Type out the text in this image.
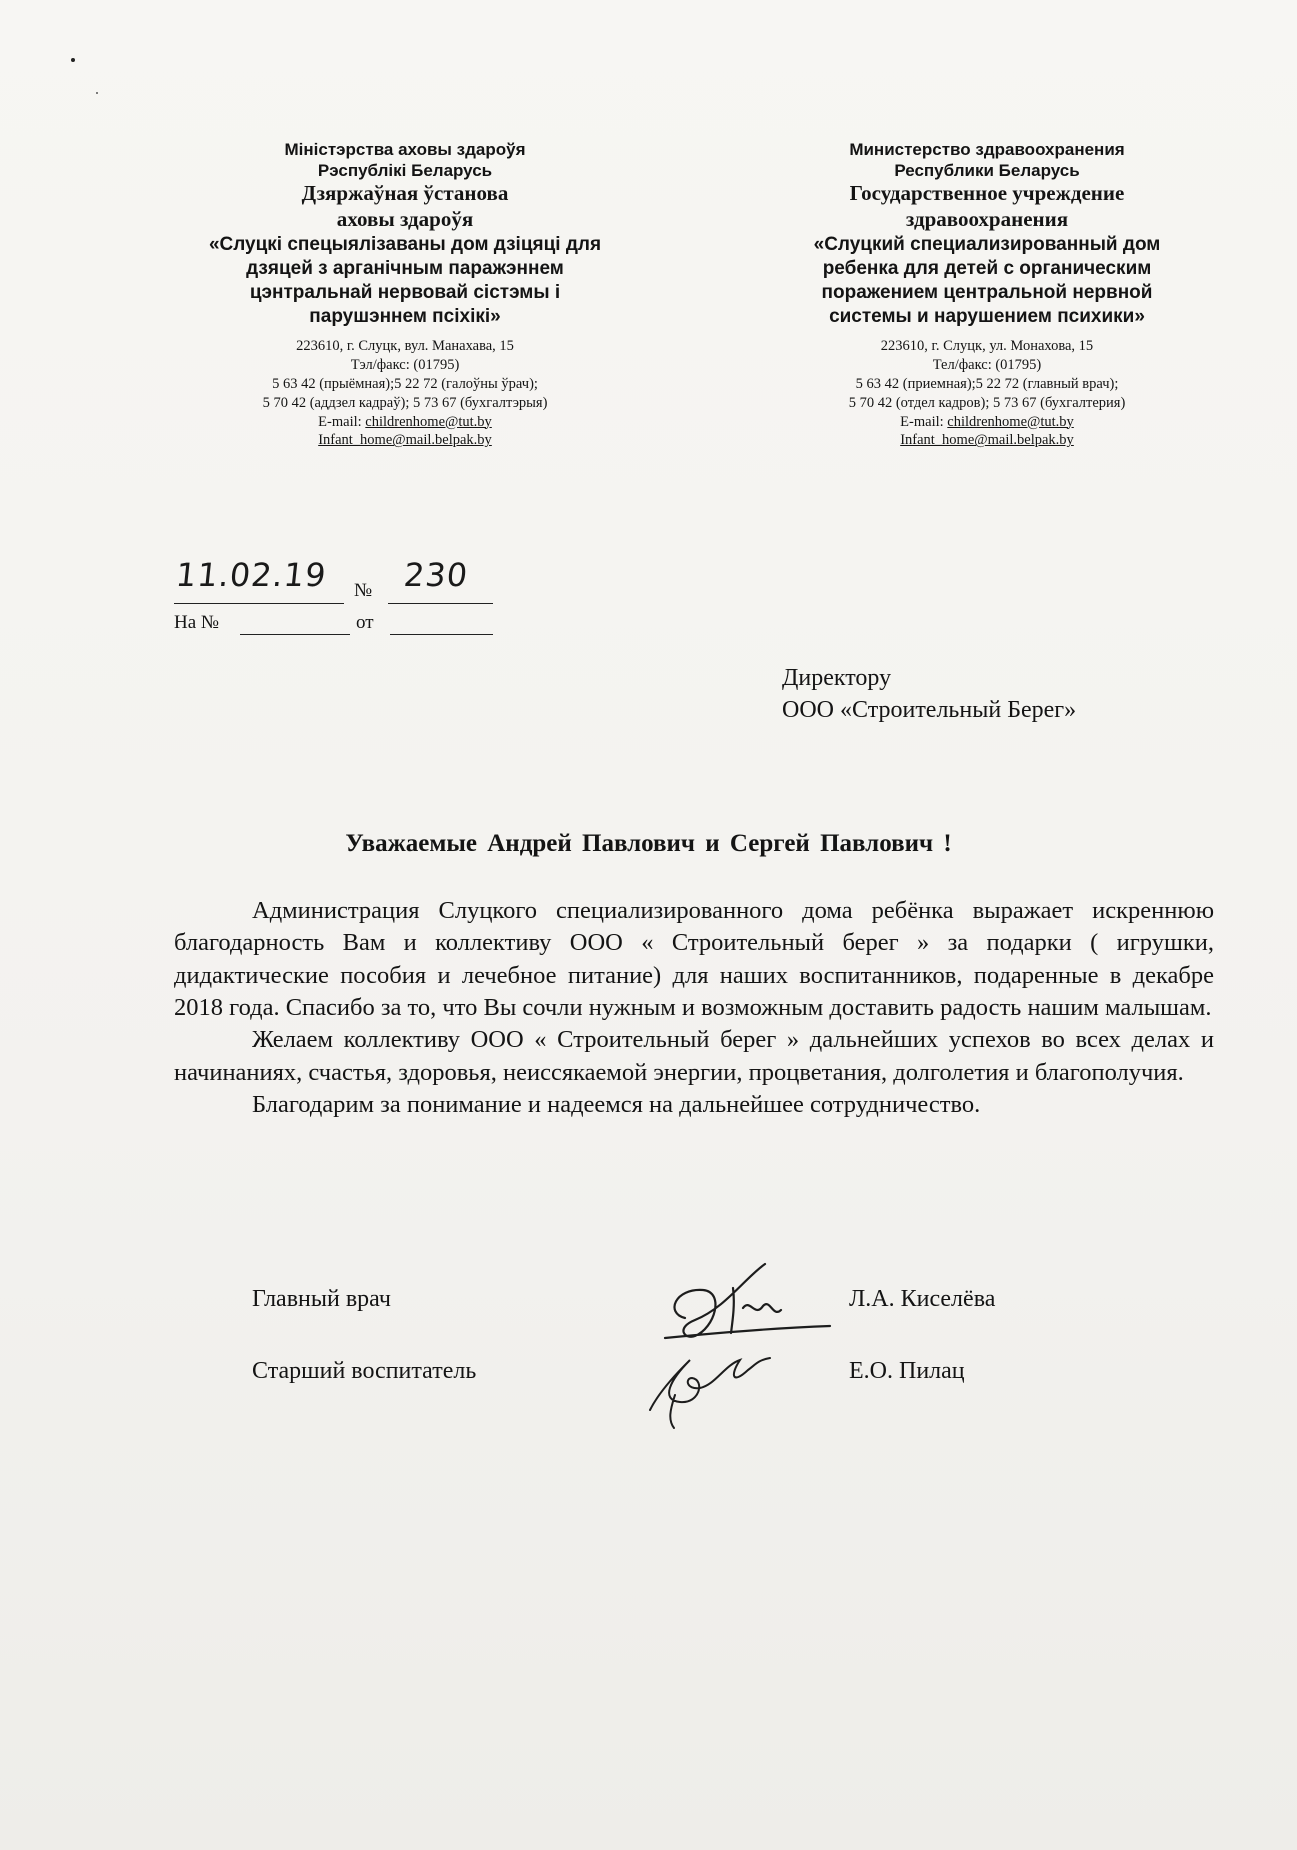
Міністэрства аховы здароўя
Рэспублікі Беларусь
Дзяржаўная ўстанова
аховы здароўя
«Слуцкі спецыялізаваны дом дзіцяці для
дзяцей з арганічным паражэннем
цэнтральнай нервовай сістэмы і
парушэннем псіхікі»
223610, г. Слуцк, вул. Манахава, 15
Тэл/факс: (01795)
5 63 42 (прыёмная);5 22 72 (галоўны ўрач);
5 70 42 (аддзел кадраў); 5 73 67 (бухгалтэрыя)
E-mail: childrenhome@tut.by
Infant_home@mail.belpak.by
Министерство здравоохранения
Республики Беларусь
Государственное учреждение
здравоохранения
«Слуцкий специализированный дом
ребенка для детей с органическим
поражением центральной нервной
системы и нарушением психики»
223610, г. Слуцк, ул. Монахова, 15
Тел/факс: (01795)
5 63 42 (приемная);5 22 72 (главный врач);
5 70 42 (отдел кадров); 5 73 67 (бухгалтерия)
E-mail: childrenhome@tut.by
Infant_home@mail.belpak.by
11.02.19 № 230
На №	от
Директору
ООО «Строительный Берег»
Уважаемые Андрей Павлович и Сергей Павлович !

Администрация Слуцкого специализированного дома ребёнка выражает искреннюю благодарность Вам и коллективу ООО « Строительный берег » за подарки ( игрушки, дидактические пособия и лечебное питание) для наших воспитанников, подаренные в декабре 2018 года. Спасибо за то, что Вы сочли нужным и возможным доставить радость нашим малышам.

Желаем коллективу ООО « Строительный берег » дальнейших успехов во всех делах и начинаниях, счастья, здоровья, неиссякаемой энергии, процветания, долголетия и благополучия.

Благодарим за понимание и надеемся на дальнейшее сотрудничество.

Главный врач	Л.А. Киселёва
Старший воспитатель	Е.О. Пилац
